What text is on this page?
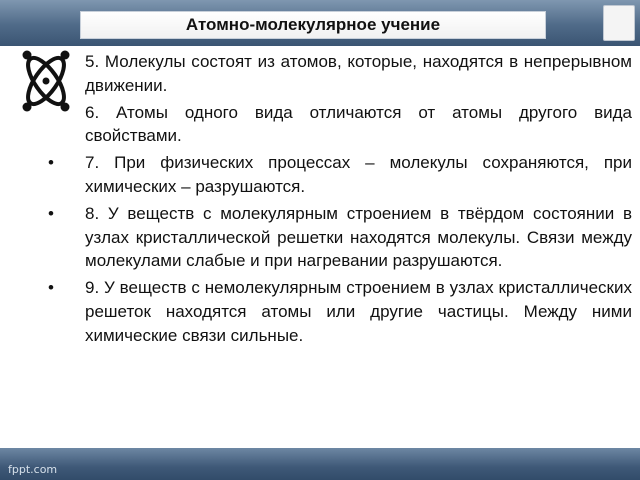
Атомно-молекулярное учение
5. Молекулы состоят из атомов, которые, находятся в непрерывном движении.
6. Атомы одного вида отличаются от атомы другого вида свойствами.
• 7. При физических процессах – молекулы сохраняются, при химических – разрушаются.
• 8. У веществ с молекулярным строением в твёрдом состоянии в узлах кристаллической решетки находятся молекулы. Связи между молекулами слабые и при нагревании разрушаются.
• 9. У веществ с немолекулярным строением в узлах кристаллических решеток находятся атомы или другие частицы. Между ними химические связи сильные.
fppt.com
